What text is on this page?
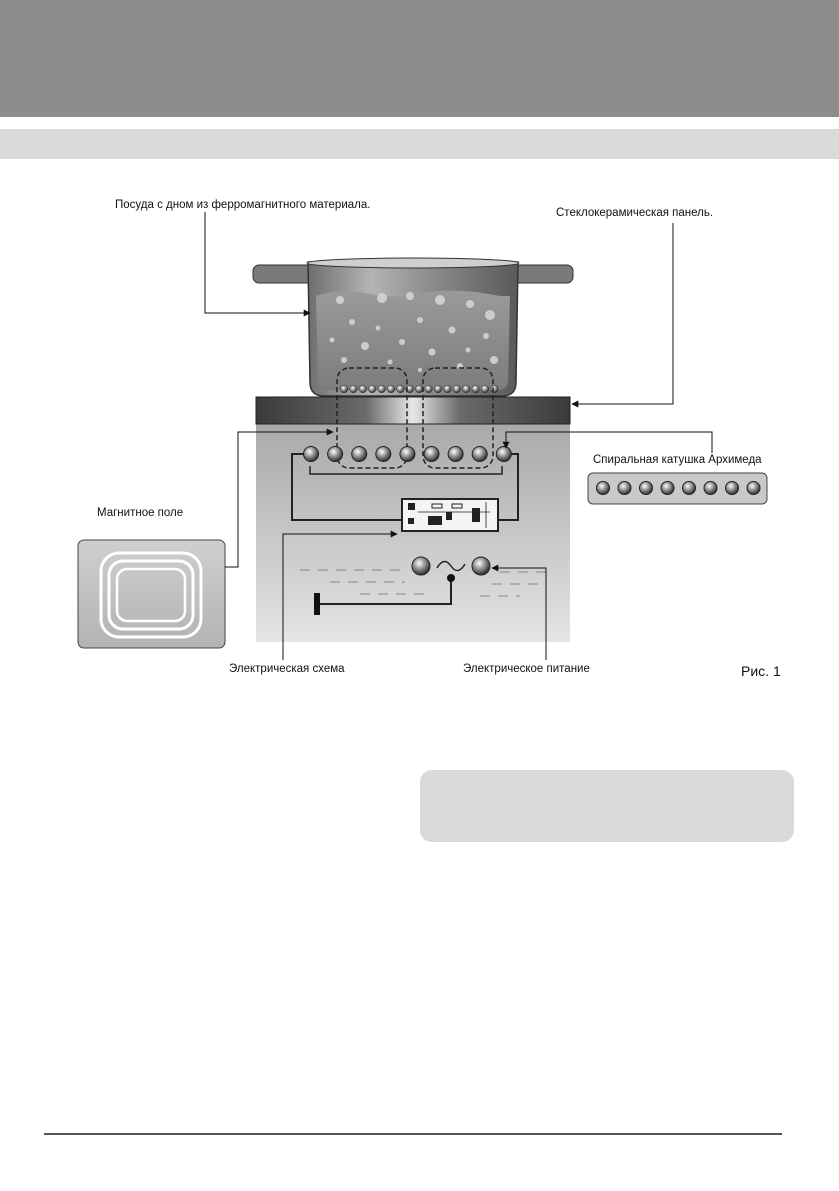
Посуда с дном из ферромагнитного материала.
Стеклокерамическая панель.
Спиральная катушка Архимеда
Магнитное поле
Электрическая схема	Электрическое питание	Рис. 1
